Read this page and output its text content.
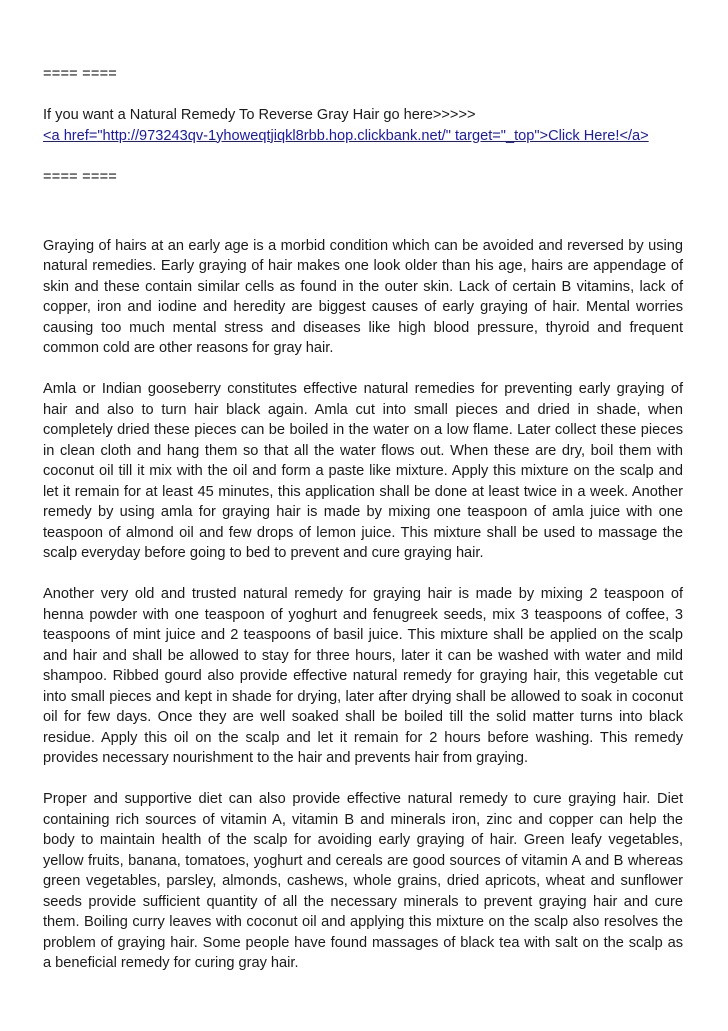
==== ====

If you want a Natural Remedy To Reverse Gray Hair go here>>>>>

<a href="http://973243qv-1yhoweqtjiqkl8rbb.hop.clickbank.net/" target="_top">Click Here!</a>

==== ====

Graying of hairs at an early age is a morbid condition which can be avoided and reversed by using
natural remedies. Early graying of hair makes one look older than his age, hairs are appendage of
skin and these contain similar cells as found in the outer skin. Lack of certain B vitamins, lack of
copper, iron and iodine and heredity are biggest causes of early graying of hair. Mental worries
causing too much mental stress and diseases like high blood pressure, thyroid and frequent
common cold are other reasons for gray hair.

Amla or Indian gooseberry constitutes effective natural remedies for preventing early graying of
hair and also to turn hair black again. Amla cut into small pieces and dried in shade, when
completely dried these pieces can be boiled in the water on a low flame. Later collect these pieces
in clean cloth and hang them so that all the water flows out. When these are dry, boil them with
coconut oil till it mix with the oil and form a paste like mixture. Apply this mixture on the scalp and
let it remain for at least 45 minutes, this application shall be done at least twice in a week. Another
remedy by using amla for graying hair is made by mixing one teaspoon of amla juice with one
teaspoon of almond oil and few drops of lemon juice. This mixture shall be used to massage the
scalp everyday before going to bed to prevent and cure graying hair.

Another very old and trusted natural remedy for graying hair is made by mixing 2 teaspoon of
henna powder with one teaspoon of yoghurt and fenugreek seeds, mix 3 teaspoons of coffee, 3
teaspoons of mint juice and 2 teaspoons of basil juice. This mixture shall be applied on the scalp
and hair and shall be allowed to stay for three hours, later it can be washed with water and mild
shampoo. Ribbed gourd also provide effective natural remedy for graying hair, this vegetable cut
into small pieces and kept in shade for drying, later after drying shall be allowed to soak in coconut
oil for few days. Once they are well soaked shall be boiled till the solid matter turns into black
residue. Apply this oil on the scalp and let it remain for 2 hours before washing. This remedy
provides necessary nourishment to the hair and prevents hair from graying.

Proper and supportive diet can also provide effective natural remedy to cure graying hair. Diet
containing rich sources of vitamin A, vitamin B and minerals iron, zinc and copper can help the
body to maintain health of the scalp for avoiding early graying of hair. Green leafy vegetables,
yellow fruits, banana, tomatoes, yoghurt and cereals are good sources of vitamin A and B whereas
green vegetables, parsley, almonds, cashews, whole grains, dried apricots, wheat and sunflower
seeds provide sufficient quantity of all the necessary minerals to prevent graying hair and cure
them. Boiling curry leaves with coconut oil and applying this mixture on the scalp also resolves the
problem of graying hair. Some people have found massages of black tea with salt on the scalp as
a beneficial remedy for curing gray hair.
